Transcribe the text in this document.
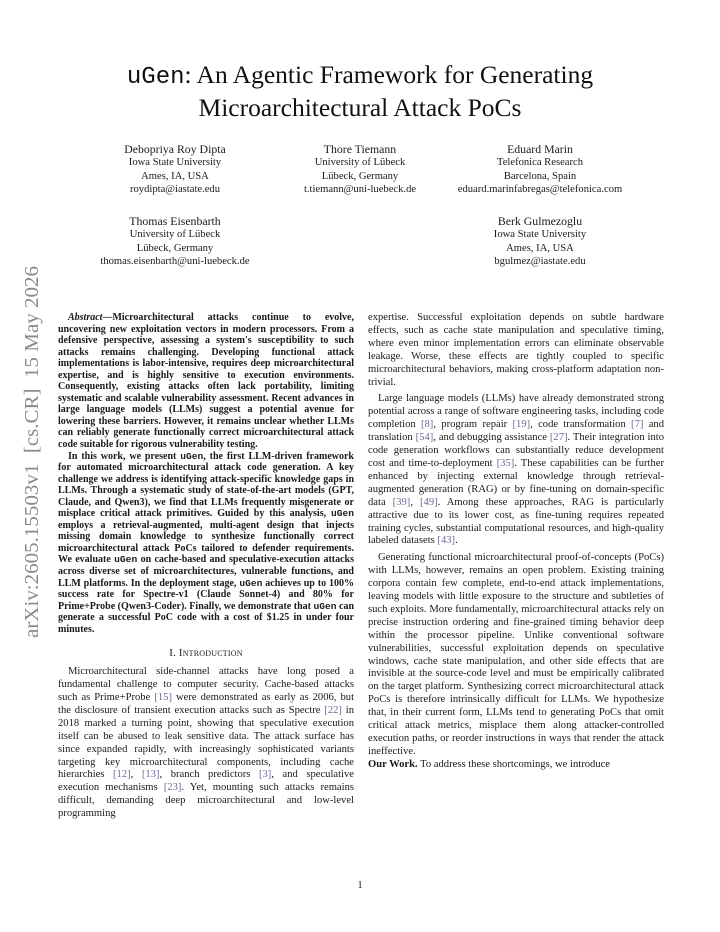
arXiv:2605.15503v1  [cs.CR]  15 May 2026
uGen: An Agentic Framework for Generating
Microarchitectural Attack PoCs
Debopriya Roy Dipta
Iowa State University
Ames, IA, USA
roydipta@iastate.edu
Thore Tiemann
University of Lübeck
Lübeck, Germany
t.tiemann@uni-luebeck.de
Eduard Marin
Telefonica Research
Barcelona, Spain
eduard.marinfabregas@telefonica.com
Thomas Eisenbarth
University of Lübeck
Lübeck, Germany
thomas.eisenbarth@uni-luebeck.de
Berk Gulmezoglu
Iowa State University
Ames, IA, USA
bgulmez@iastate.edu

Abstract—Microarchitectural attacks continue to evolve, uncovering new exploitation vectors in modern processors. From a defensive perspective, assessing a system's susceptibility to such attacks remains challenging. Developing functional attack implementations is labor-intensive, requires deep microarchitectural expertise, and is highly sensitive to execution environments. Consequently, existing attacks often lack portability, limiting systematic and scalable vulnerability assessment. Recent advances in large language models (LLMs) suggest a potential avenue for lowering these barriers. However, it remains unclear whether LLMs can reliably generate functionally correct microarchitectural attack code suitable for rigorous vulnerability testing.

In this work, we present uGen, the first LLM-driven framework for automated microarchitectural attack code generation. A key challenge we address is identifying attack-specific knowledge gaps in LLMs. Through a systematic study of state-of-the-art models (GPT, Claude, and Qwen3), we find that LLMs frequently misgenerate or misplace critical attack primitives. Guided by this analysis, uGen employs a retrieval-augmented, multi-agent design that injects missing domain knowledge to synthesize functionally correct microarchitectural attack PoCs tailored to defender requirements. We evaluate uGen on cache-based and speculative-execution attacks across diverse set of microarchitectures, vulnerable functions, and LLM platforms. In the deployment stage, uGen achieves up to 100% success rate for Spectre-v1 (Claude Sonnet-4) and 80% for Prime+Probe (Qwen3-Coder). Finally, we demonstrate that uGen can generate a successful PoC code with a cost of $1.25 in under four minutes.

I. Introduction

Microarchitectural side-channel attacks have long posed a fundamental challenge to computer security. Cache-based attacks such as Prime+Probe [15] were demonstrated as early as 2006, but the disclosure of transient execution attacks such as Spectre [22] in 2018 marked a turning point, showing that speculative execution itself can be abused to leak sensitive data. The attack surface has since expanded rapidly, with increasingly sophisticated variants targeting key microarchitectural components, including cache hierarchies [12], [13], branch predictors [3], and speculative execution mechanisms [23]. Yet, mounting such attacks remains difficult, demanding deep microarchitectural and low-level programming

expertise. Successful exploitation depends on subtle hardware effects, such as cache state manipulation and speculative timing, where even minor implementation errors can eliminate observable leakage. Worse, these effects are tightly coupled to specific microarchitectural behaviors, making cross-platform adaptation non-trivial.

Large language models (LLMs) have already demonstrated strong potential across a range of software engineering tasks, including code completion [8], program repair [19], code transformation [7] and translation [54], and debugging assistance [27]. Their integration into code generation workflows can substantially reduce development cost and time-to-deployment [35]. These capabilities can be further enhanced by injecting external knowledge through retrieval-augmented generation (RAG) or by fine-tuning on domain-specific data [39], [49]. Among these approaches, RAG is particularly attractive due to its lower cost, as fine-tuning requires repeated training cycles, substantial computational resources, and high-quality labeled datasets [43].

Generating functional microarchitectural proof-of-concepts (PoCs) with LLMs, however, remains an open problem. Existing training corpora contain few complete, end-to-end attack implementations, leaving models with little exposure to the structure and subtleties of such exploits. More fundamentally, microarchitectural attacks rely on precise instruction ordering and fine-grained timing behavior deep within the processor pipeline. Unlike conventional software vulnerabilities, successful exploitation depends on speculative windows, cache state manipulation, and other side effects that are invisible at the source-code level and must be empirically calibrated on the target platform. Synthesizing correct microarchitectural attack PoCs is therefore intrinsically difficult for LLMs. We hypothesize that, in their current form, LLMs tend to generating PoCs that omit critical attack metrics, misplace them along attacker-controlled execution paths, or reorder instructions in ways that render the attack ineffective.

Our Work. To address these shortcomings, we introduce

1
